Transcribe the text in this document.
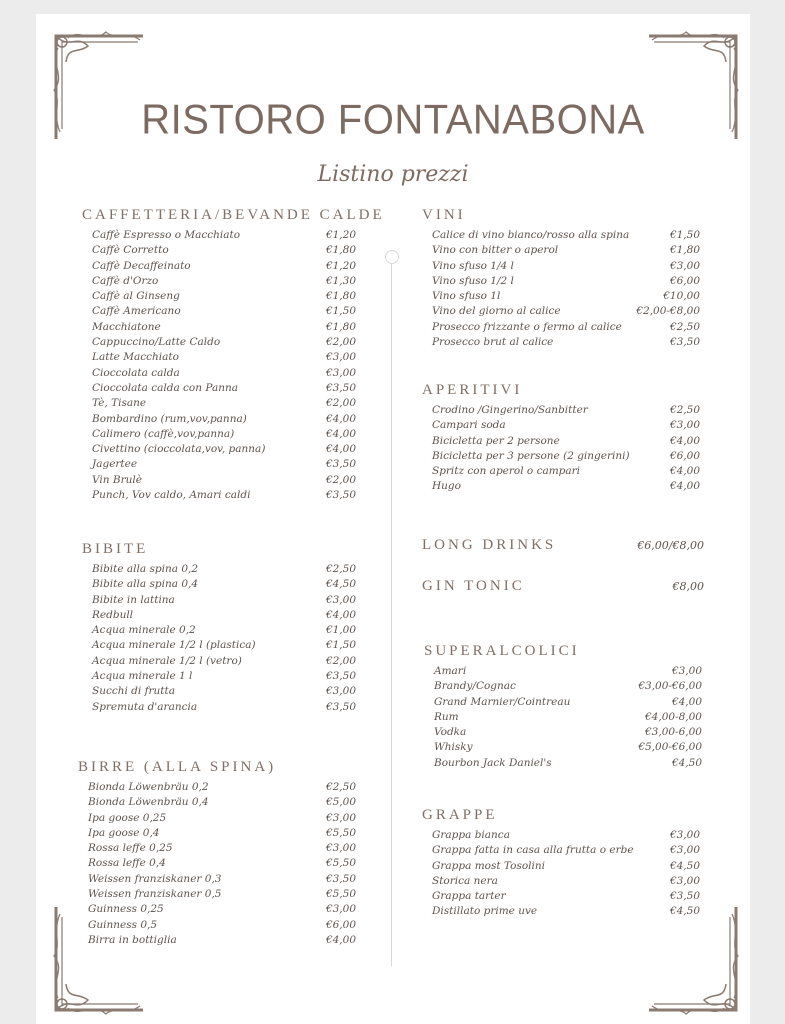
RISTORO FONTANABONA
Listino prezzi
CAFFETTERIA/BEVANDE CALDE
Caffè Espresso o Macchiato	€1,20
Caffè Corretto	€1,80
Caffè Decaffeinato	€1,20
Caffè d'Orzo	€1,30
Caffè al Ginseng	€1,80
Caffè Americano	€1,50
Macchiatone	€1,80
Cappuccino/Latte Caldo	€2,00
Latte Macchiato	€3,00
Cioccolata calda	€3,00
Cioccolata calda con Panna	€3,50
Tè, Tisane	€2,00
Bombardino (rum,vov,panna)	€4,00
Calimero (caffè,vov,panna)	€4,00
Civettino (cioccolata,vov, panna)	€4,00
Jagertee	€3,50
Vin Brulè	€2,00
Punch, Vov caldo, Amari caldi	€3,50
BIBITE
Bibite alla spina 0,2	€2,50
Bibite alla spina 0,4	€4,50
Bibite in lattina	€3,00
Redbull	€4,00
Acqua minerale 0,2	€1,00
Acqua minerale 1/2 l (plastica)	€1,50
Acqua minerale 1/2 l (vetro)	€2,00
Acqua minerale 1 l	€3,50
Succhi di frutta	€3,00
Spremuta d'arancia	€3,50
BIRRE (ALLA SPINA)
Bionda Löwenbräu 0,2	€2,50
Bionda Löwenbräu 0,4	€5,00
Ipa goose 0,25	€3,00
Ipa goose 0,4	€5,50
Rossa leffe 0,25	€3,00
Rossa leffe 0,4	€5,50
Weissen franziskaner 0,3	€3,50
Weissen franziskaner 0,5	€5,50
Guinness 0,25	€3,00
Guinness 0,5	€6,00
Birra in bottiglia	€4,00
VINI
Calice di vino bianco/rosso alla spina	€1,50
Vino con bitter o aperol	€1,80
Vino sfuso 1/4 l	€3,00
Vino sfuso 1/2 l	€6,00
Vino sfuso 1l	€10,00
Vino del giorno al calice	€2,00-€8,00
Prosecco frizzante o fermo al calice	€2,50
Prosecco brut al calice	€3,50
APERITIVI
Crodino /Gingerino/Sanbitter	€2,50
Campari soda	€3,00
Bicicletta per 2 persone	€4,00
Bicicletta per 3 persone (2 gingerini)	€6,00
Spritz con aperol o campari	€4,00
Hugo	€4,00
LONG DRINKS	€6,00/€8,00
GIN TONIC	€8,00
SUPERALCOLICI
Amari	€3,00
Brandy/Cognac	€3,00-€6,00
Grand Marnier/Cointreau	€4,00
Rum	€4,00-8,00
Vodka	€3,00-6,00
Whisky	€5,00-€6,00
Bourbon Jack Daniel's	€4,50
GRAPPE
Grappa bianca	€3,00
Grappa fatta in casa alla frutta o erbe	€3,00
Grappa most Tosolini	€4,50
Storica nera	€3,00
Grappa tarter	€3,50
Distillato prime uve	€4,50
